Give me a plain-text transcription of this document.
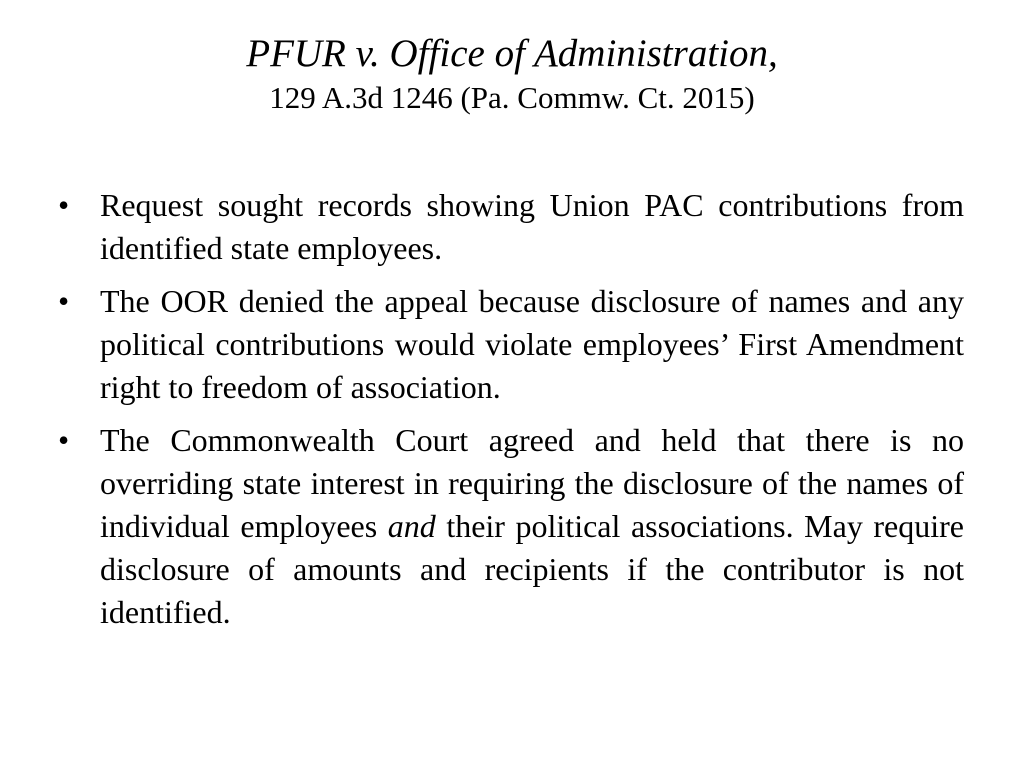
PFUR v. Office of Administration,
129 A.3d 1246 (Pa. Commw. Ct. 2015)
• Request sought records showing Union PAC contributions from identified state employees.
• The OOR denied the appeal because disclosure of names and any political contributions would violate employees’ First Amendment right to freedom of association.
• The Commonwealth Court agreed and held that there is no overriding state interest in requiring the disclosure of the names of individual employees and their political associations. May require disclosure of amounts and recipients if the contributor is not identified.
